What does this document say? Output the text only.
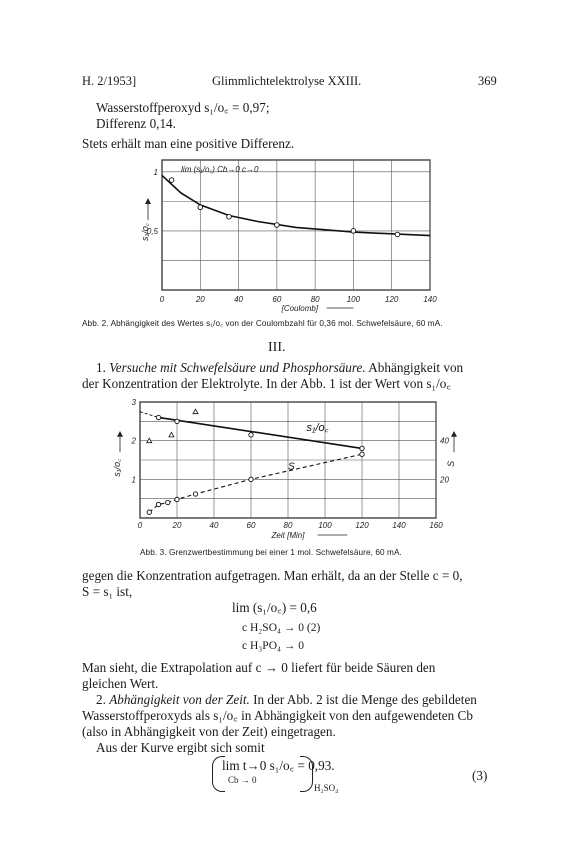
H. 2/1953]	Glimmlichtelektrolyse XXIII.	369
Wasserstoffperoxyd s₁/o꜀ = 0,97;
Differenz 0,14.
Stets erhält man eine positive Differenz.
0	20	40	60	80	100	120	140
1
0,5
s₁/o꜀
[Coulomb]
lim (s₁/o꜀) Cb→0 c→0
0	20	40	60	80	100	120	140	160
3
2
1
40
20
s₁/o꜀	S
Zeit [Min]
s₁/o꜀
S
Abb. 2. Abhängigkeit des Wertes s₁/o꜀ von der Coulombzahl für 0,36 mol. Schwefelsäure, 60 mA.
III.
1. Versuche mit Schwefelsäure und Phosphorsäure. Abhängigkeit von
der Konzentration der Elektrolyte. In der Abb. 1 ist der Wert von s₁/o꜀
Abb. 3. Grenzwertbestimmung bei einer 1 mol. Schwefelsäure, 60 mA.
gegen die Konzentration aufgetragen. Man erhält, da an der Stelle c = 0,
S = s₁ ist,
lim (s₁/o꜀) = 0,6
c H₂SO₄ → 0 (2)
c H₃PO₄ → 0
Man sieht, die Extrapolation auf c → 0 liefert für beide Säuren den
gleichen Wert.
2. Abhängigkeit von der Zeit. In der Abb. 2 ist die Menge des gebildeten
Wasserstoffperoxyds als s₁/o꜀ in Abhängigkeit von den aufgewendeten Cb
(also in Abhängigkeit von der Zeit) eingetragen.
Aus der Kurve ergibt sich somit
lim t→0 s₁/o꜀ = 0,93.
Cb → 0
H₂SO₄
(3)
